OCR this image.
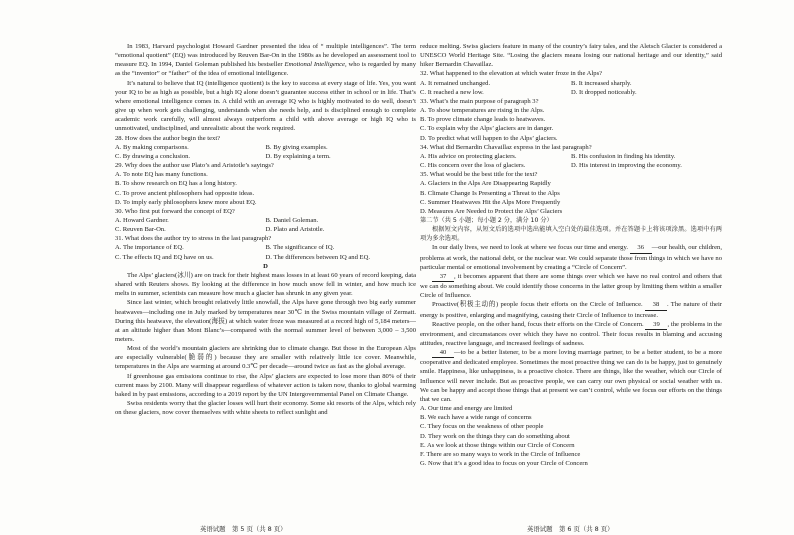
In 1983, Harvard psychologist Howard Gardner presented the idea of “ multiple intelligences”. The term “emotional quotient” (EQ) was introduced by Reuven Bar-On in the 1980s as he developed an assessment tool to measure EQ. In 1994, Daniel Goleman published his bestseller Emotional Intelligence, who is regarded by many as the “inventor” or “father” of the idea of emotional intelligence.

It’s natural to believe that IQ (intelligence quotient) is the key to success at every stage of life. Yes, you want your IQ to be as high as possible, but a high IQ alone doesn’t guarantee success either in school or in life. That’s where emotional intelligence comes in. A child with an average IQ who is highly motivated to do well, doesn’t give up when work gets challenging, understands when she needs help, and is disciplined enough to complete academic work carefully, will almost always outperform a child with above average or high IQ who is unmotivated, undisciplined, and unrealistic about the work required.

28. How does the author begin the text?

A. By making comparisons.	B. By giving examples.
C. By drawing a conclusion.	D. By explaining a term.

29. Why does the author use Plato’s and Aristotle’s sayings?

A. To note EQ has many functions.

B. To show research on EQ has a long history.

C. To prove ancient philosophers had opposite ideas.

D. To imply early philosophers knew more about EQ.

30. Who first put forward the concept of EQ?

A. Howard Gardner.	B. Daniel Goleman.
C. Reuven Bar-On.	D. Plato and Aristotle.

31. What does the author try to stress in the last paragraph?

A. The importance of EQ.	B. The significance of IQ.
C. The effects IQ and EQ have on us.	D. The differences between IQ and EQ.

D

The Alps’ glaciers(冰川) are on track for their highest mass losses in at least 60 years of record keeping, data shared with Reuters shows. By looking at the difference in how much snow fell in winter, and how much ice melts in summer, scientists can measure how much a glacier has shrunk in any given year.

Since last winter, which brought relatively little snowfall, the Alps have gone through two big early summer heatwaves—including one in July marked by temperatures near 30℃ in the Swiss mountain village of Zermatt. During this heatwave, the elevation(海拔) at which water froze was measured at a record high of 5,184 meters—at an altitude higher than Mont Blanc’s—compared with the normal summer level of between 3,000 – 3,500 meters.

Most of the world’s mountain glaciers are shrinking due to climate change. But those in the European Alps are especially vulnerable(脆弱的) because they are smaller with relatively little ice cover. Meanwhile, temperatures in the Alps are warming at around 0.3℃ per decade—around twice as fast as the global average.

If greenhouse gas emissions continue to rise, the Alps’ glaciers are expected to lose more than 80% of their current mass by 2100. Many will disappear regardless of whatever action is taken now, thanks to global warming baked in by past emissions, according to a 2019 report by the UN Intergovernmental Panel on Climate Change.

Swiss residents worry that the glacier losses will hurt their economy. Some ski resorts of the Alps, which rely on these glaciers, now cover themselves with white sheets to reflect sunlight and

reduce melting. Swiss glaciers feature in many of the country’s fairy tales, and the Aletsch Glacier is considered a UNESCO World Heritage Site. “Losing the glaciers means losing our national heritage and our identity,” said hiker Bernardin Chavaillaz.

32. What happened to the elevation at which water froze in the Alps?

A. It remained unchanged.	B. It increased sharply.
C. It reached a new low.	D. It dropped noticeably.

33. What’s the main purpose of paragraph 3?

A. To show temperatures are rising in the Alps.

B. To prove climate change leads to heatwaves.

C. To explain why the Alps’ glaciers are in danger.

D. To predict what will happen to the Alps’ glaciers.

34. What did Bernardin Chavaillaz express in the last paragraph?

A. His advice on protecting glaciers.	B. His confusion in finding his identity.
C. His concern over the loss of glaciers.	D. His interest in improving the economy.

35. What would be the best title for the text?

A. Glaciers in the Alps Are Disappearing Rapidly

B. Climate Change Is Presenting a Threat to the Alps

C. Summer Heatwaves Hit the Alps More Frequently

D. Measures Are Needed to Protect the Alps’ Glaciers

第二节（共 5 小题；每小题 2 分，满分 10 分）

根据短文内容，从短文后的选项中选出能填入空白处的最佳选项。并在答题卡上将该项涂黑。选项中有两项为多余选项。

In our daily lives, we need to look at where we focus our time and energy. 36 —our health, our children, problems at work, the national debt, or the nuclear war. We could separate those from things in which we have no particular mental or emotional involvement by creating a “Circle of Concern”.

37 , it becomes apparent that there are some things over which we have no real control and others that we can do something about. We could identify those concerns in the latter group by limiting them within a smaller Circle of Influence.

Proactive(积极主动的) people focus their efforts on the Circle of Influence. 38 . The nature of their energy is positive, enlarging and magnifying, causing their Circle of Influence to increase.

Reactive people, on the other hand, focus their efforts on the Circle of Concern. 39 , the problems in the environment, and circumstances over which they have no control. Their focus results in blaming and accusing attitudes, reactive language, and increased feelings of sadness.

40 —to be a better listener, to be a more loving marriage partner, to be a better student, to be a more cooperative and dedicated employee. Sometimes the most proactive thing we can do is be happy, just to genuinely smile. Happiness, like unhappiness, is a proactive choice. There are things, like the weather, which our Circle of Influence will never include. But as proactive people, we can carry our own physical or social weather with us. We can be happy and accept those things that at present we can’t control, while we focus our efforts on the things that we can.

A. Our time and energy are limited

B. We each have a wide range of concerns

C. They focus on the weakness of other people

D. They work on the things they can do something about

E. As we look at those things within our Circle of Concern

F. There are so many ways to work in the Circle of Influence

G. Now that it’s a good idea to focus on your Circle of Concern

英语试题　第 5 页（共 8 页）	英语试题　第 6 页（共 8 页）
